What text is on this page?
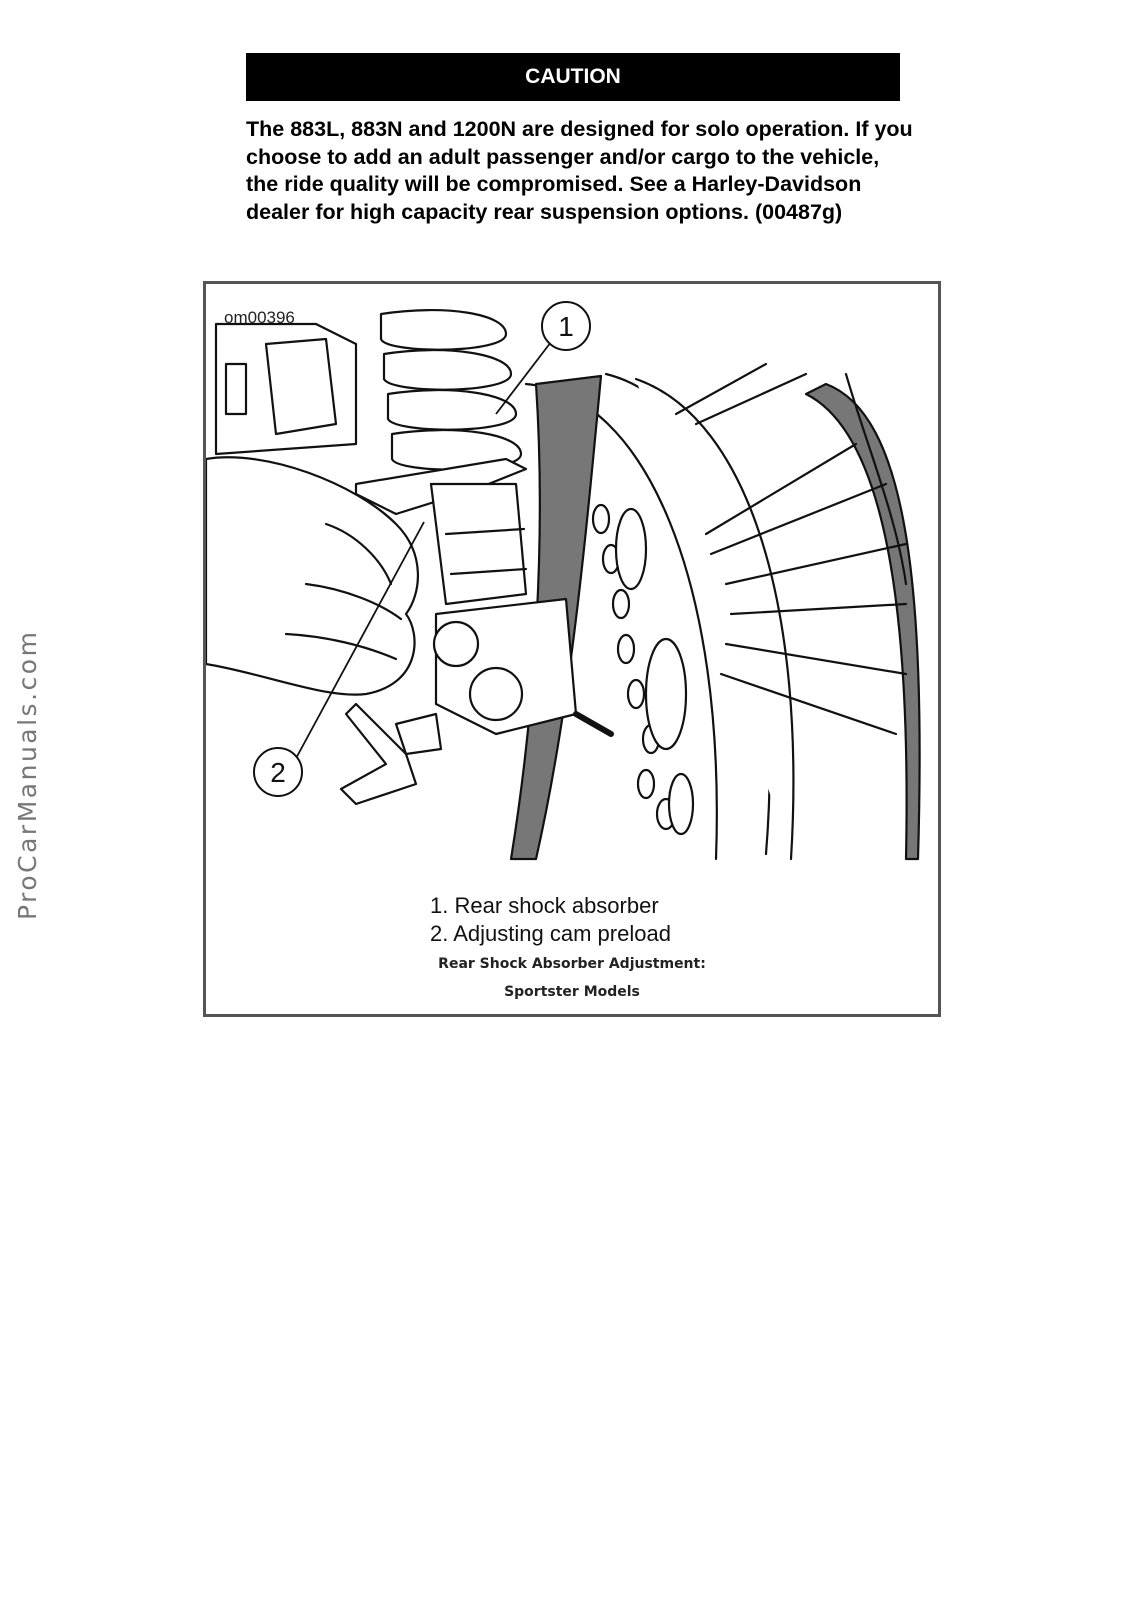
ProCarManuals.com
CAUTION

The 883L, 883N and 1200N are designed for solo operation. If you choose to add an adult passenger and/or cargo to the vehicle, the ride quality will be compromised. See a Harley-Davidson dealer for high capacity rear suspension options. (00487g)

1
2
om00396
1. Rear shock absorber
2. Adjusting cam preload
Rear Shock Absorber Adjustment:
Sportster Models
